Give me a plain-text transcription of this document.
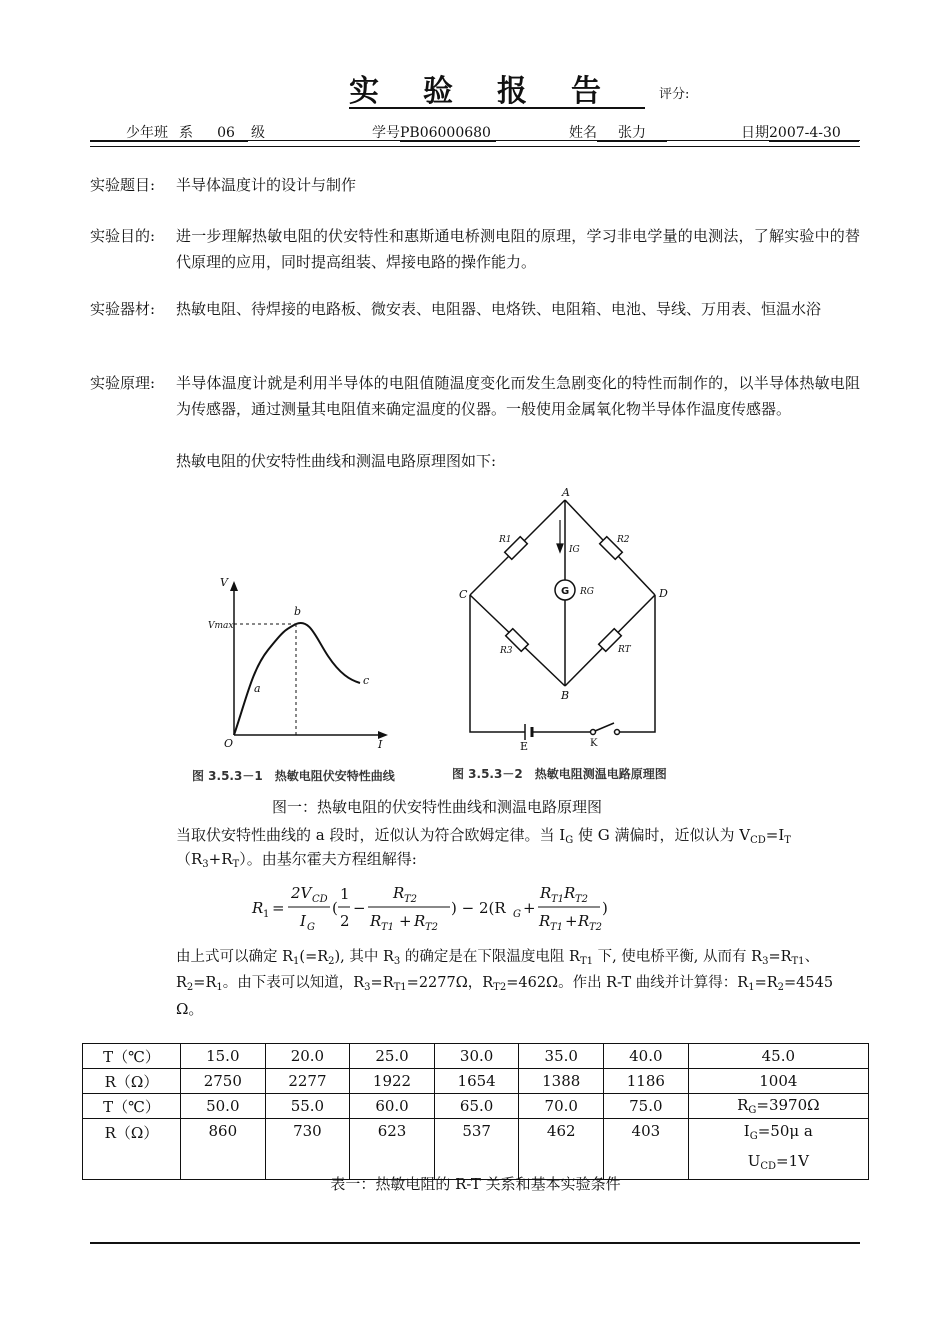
实验报告	评分:
少年班 系 06 级	学号PB06000680	姓名 张力	日期2007-4-30
实验题目:	半导体温度计的设计与制作
实验目的:	进一步理解热敏电阻的伏安特性和惠斯通电桥测电阻的原理，学习非电学量的电测法，了解实验中的替代原理的应用，同时提高组装、焊接电路的操作能力。
实验器材:	热敏电阻、待焊接的电路板、微安表、电阻器、电烙铁、电阻箱、电池、导线、万用表、恒温水浴
实验原理:	半导体温度计就是利用半导体的电阻值随温度变化而发生急剧变化的特性而制作的，以半导体热敏电阻为传感器，通过测量其电阻值来确定温度的仪器。一般使用金属氧化物半导体作温度传感器。
热敏电阻的伏安特性曲线和测温电路原理图如下:
V
Vmax
b
a
c
O	I
图 3.5.3－1　热敏电阻伏安特性曲线
A
B
C	D
R1	R2
R3	RT
IG
RG
G
E	K
图 3.5.3－2　热敏电阻测温电路原理图
图一：热敏电阻的伏安特性曲线和测温电路原理图
当取伏安特性曲线的 a 段时，近似认为符合欧姆定律。当 $I_G$ 使 G 满偏时，近似认为 $V_{CD}=I_T$
$(R_3+R_T)$。由基尔霍夫方程组解得:
R 1 =
2V CD
I G
(
1
2
−
R T2
R T1 + R T2
) − 2(R G +
R T1 R T2
R T1 + R T2
)
由上式可以确定 $R_1(=R_2)$, 其中 $R_3$ 的确定是在下限温度电阻 $R_{T1}$ 下, 使电桥平衡, 从而有 $R_3=R_{T1}$、
$R_2=R_1$。由下表可以知道，$R_3=R_{T1}=2277\Omega$，$R_{T2}=462\Omega$。作出 R-T 曲线并计算得：$R_1=R_2=4545$
Ω。
T（℃）	15.0	20.0	25.0	30.0	35.0	40.0	45.0
R（Ω）	2750	2277	1922	1654	1388	1186	1004
T（℃）	50.0	55.0	60.0	65.0	70.0	75.0	$R_G=3970\Omega$
R（Ω）	860	730	623	537	462	403	$I_G=50\mu$ a
$U_{CD}=1V$
表一：热敏电阻的 R-T 关系和基本实验条件
